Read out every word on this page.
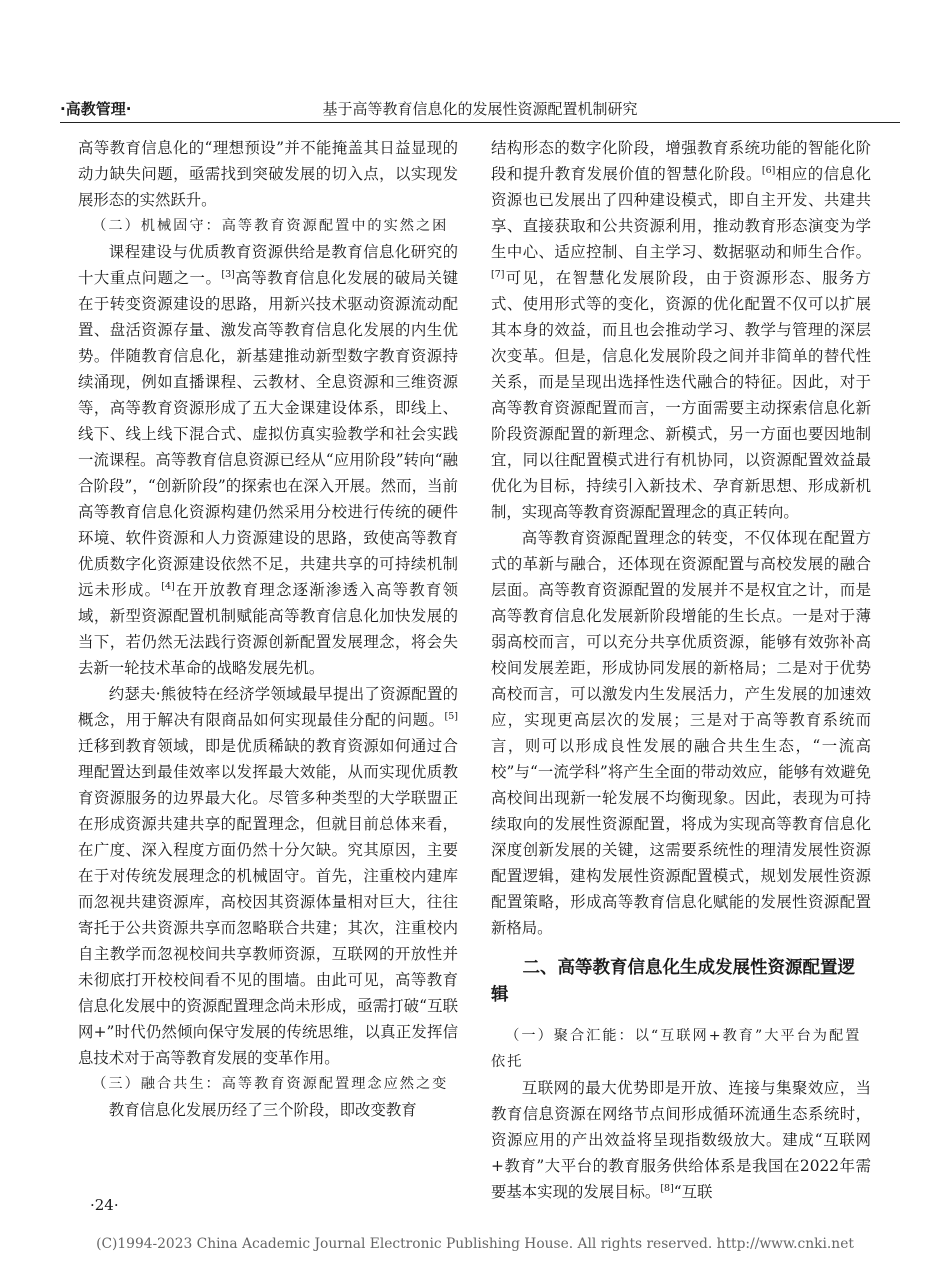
·高教管理·	基于高等教育信息化的发展性资源配置机制研究

高等教育信息化的“理想预设”并不能掩盖其日益显现的动力缺失问题，亟需找到突破发展的切入点，以实现发展形态的实然跃升。

（二）机械固守：高等教育资源配置中的实然之困

课程建设与优质教育资源供给是教育信息化研究的十大重点问题之一。[3]高等教育信息化发展的破局关键在于转变资源建设的思路，用新兴技术驱动资源流动配置、盘活资源存量、激发高等教育信息化发展的内生优势。伴随教育信息化，新基建推动新型数字教育资源持续涌现，例如直播课程、云教材、全息资源和三维资源等，高等教育资源形成了五大金课建设体系，即线上、线下、线上线下混合式、虚拟仿真实验教学和社会实践一流课程。高等教育信息资源已经从“应用阶段”转向“融合阶段”，“创新阶段”的探索也在深入开展。然而，当前高等教育信息化资源构建仍然采用分校进行传统的硬件环境、软件资源和人力资源建设的思路，致使高等教育优质数字化资源建设依然不足，共建共享的可持续机制远未形成。[4]在开放教育理念逐渐渗透入高等教育领域，新型资源配置机制赋能高等教育信息化加快发展的当下，若仍然无法践行资源创新配置发展理念，将会失去新一轮技术革命的战略发展先机。

约瑟夫·熊彼特在经济学领域最早提出了资源配置的概念，用于解决有限商品如何实现最佳分配的问题。[5]迁移到教育领域，即是优质稀缺的教育资源如何通过合理配置达到最佳效率以发挥最大效能，从而实现优质教育资源服务的边界最大化。尽管多种类型的大学联盟正在形成资源共建共享的配置理念，但就目前总体来看，在广度、深入程度方面仍然十分欠缺。究其原因，主要在于对传统发展理念的机械固守。首先，注重校内建库而忽视共建资源库，高校因其资源体量相对巨大，往往寄托于公共资源共享而忽略联合共建；其次，注重校内自主教学而忽视校间共享教师资源，互联网的开放性并未彻底打开校校间看不见的围墙。由此可见，高等教育信息化发展中的资源配置理念尚未形成，亟需打破“互联网+”时代仍然倾向保守发展的传统思维，以真正发挥信息技术对于高等教育发展的变革作用。

（三）融合共生：高等教育资源配置理念应然之变

教育信息化发展历经了三个阶段，即改变教育

结构形态的数字化阶段，增强教育系统功能的智能化阶段和提升教育发展价值的智慧化阶段。[6]相应的信息化资源也已发展出了四种建设模式，即自主开发、共建共享、直接获取和公共资源利用，推动教育形态演变为学生中心、适应控制、自主学习、数据驱动和师生合作。[7]可见，在智慧化发展阶段，由于资源形态、服务方式、使用形式等的变化，资源的优化配置不仅可以扩展其本身的效益，而且也会推动学习、教学与管理的深层次变革。但是，信息化发展阶段之间并非简单的替代性关系，而是呈现出选择性迭代融合的特征。因此，对于高等教育资源配置而言，一方面需要主动探索信息化新阶段资源配置的新理念、新模式，另一方面也要因地制宜，同以往配置模式进行有机协同，以资源配置效益最优化为目标，持续引入新技术、孕育新思想、形成新机制，实现高等教育资源配置理念的真正转向。

高等教育资源配置理念的转变，不仅体现在配置方式的革新与融合，还体现在资源配置与高校发展的融合层面。高等教育资源配置的发展并不是权宜之计，而是高等教育信息化发展新阶段增能的生长点。一是对于薄弱高校而言，可以充分共享优质资源，能够有效弥补高校间发展差距，形成协同发展的新格局；二是对于优势高校而言，可以激发内生发展活力，产生发展的加速效应，实现更高层次的发展；三是对于高等教育系统而言，则可以形成良性发展的融合共生生态，“一流高校”与“一流学科”将产生全面的带动效应，能够有效避免高校间出现新一轮发展不均衡现象。因此，表现为可持续取向的发展性资源配置，将成为实现高等教育信息化深度创新发展的关键，这需要系统性的理清发展性资源配置逻辑，建构发展性资源配置模式，规划发展性资源配置策略，形成高等教育信息化赋能的发展性资源配置新格局。

二、高等教育信息化生成发展性资源配置逻辑

（一）聚合汇能：以“互联网+教育”大平台为配置依托

互联网的最大优势即是开放、连接与集聚效应，当教育信息资源在网络节点间形成循环流通生态系统时，资源应用的产出效益将呈现指数级放大。建成“互联网+教育”大平台的教育服务供给体系是我国在2022年需要基本实现的发展目标。[8]“互联

·24·
(C)1994-2023 China Academic Journal Electronic Publishing House. All rights reserved. http://www.cnki.net
